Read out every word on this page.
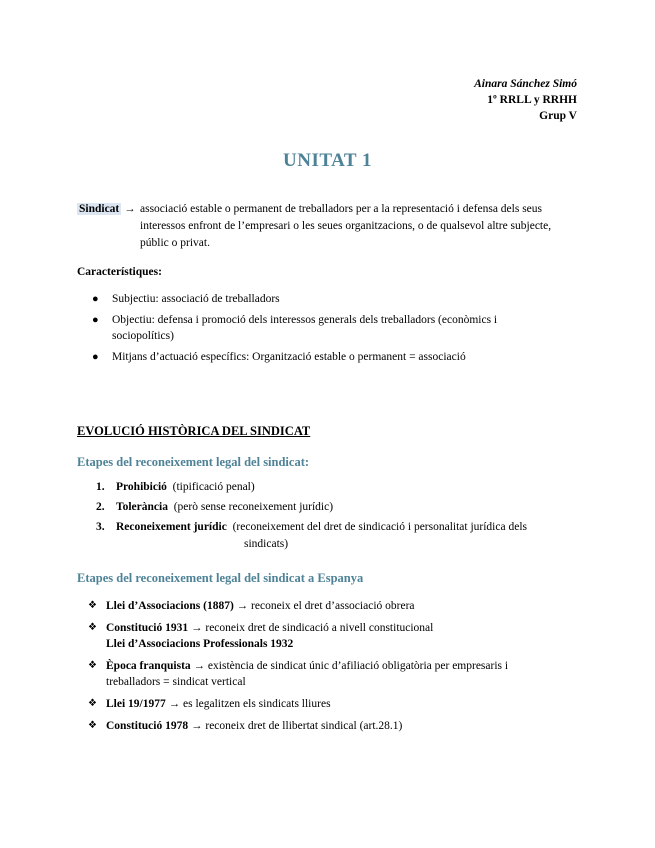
Ainara Sánchez Simó
1º RRLL y RRHH
Grup V
UNITAT 1
Sindicat → associació estable o permanent de treballadors per a la representació i defensa dels seus interessos enfront de l’empresari o les seues organitzacions, o de qualsevol altre subjecte, públic o privat.
Característiques:
● Subjectiu: associació de treballadors
● Objectiu: defensa i promoció dels interessos generals dels treballadors (econòmics i sociopolítics)
● Mitjans d’actuació específics: Organització estable o permanent = associació
EVOLUCIÓ HISTÒRICA DEL SINDICAT
Etapes del reconeixement legal del sindicat:
1. Prohibició (tipificació penal)
2. Tolerància (però sense reconeixement jurídic)
3. Reconeixement jurídic (reconeixement del dret de sindicació i personalitat jurídica dels
sindicats)
Etapes del reconeixement legal del sindicat a Espanya
❖ Llei d’Associacions (1887) → reconeix el dret d’associació obrera
❖ Constitució 1931 → reconeix dret de sindicació a nivell constitucional
Llei d’Associacions Professionals 1932
❖ Època franquista → existència de sindicat únic d’afiliació obligatòria per empresaris i treballadors = sindicat vertical
❖ Llei 19/1977 → es legalitzen els sindicats lliures
❖ Constitució 1978 → reconeix dret de llibertat sindical (art.28.1)
